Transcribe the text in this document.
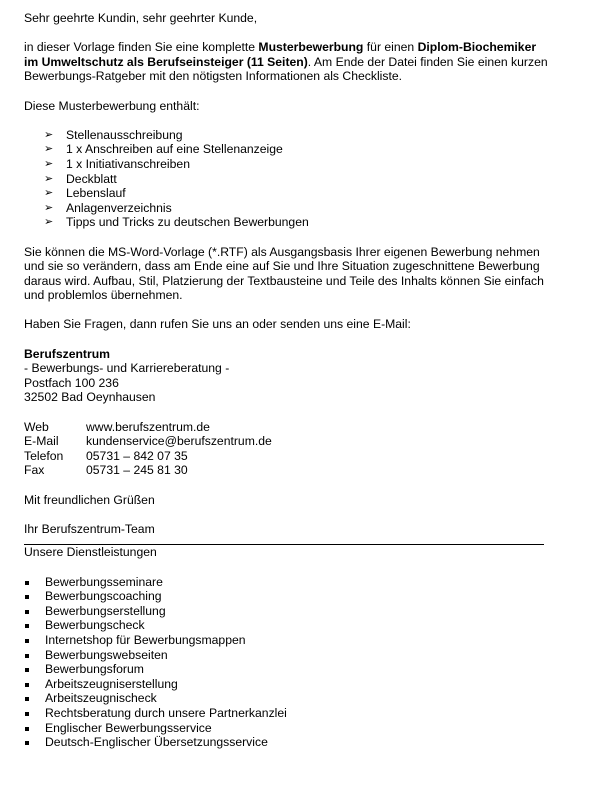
Sehr geehrte Kundin, sehr geehrter Kunde,

in dieser Vorlage finden Sie eine komplette Musterbewerbung für einen Diplom-Biochemiker im Umweltschutz als Berufseinsteiger (11 Seiten). Am Ende der Datei finden Sie einen kurzen Bewerbungs-Ratgeber mit den nötigsten Informationen als Checkliste.

Diese Musterbewerbung enthält:

➢ Stellenausschreibung
➢ 1 x Anschreiben auf eine Stellenanzeige
➢ 1 x Initiativanschreiben
➢ Deckblatt
➢ Lebenslauf
➢ Anlagenverzeichnis
➢ Tipps und Tricks zu deutschen Bewerbungen

Sie können die MS-Word-Vorlage (*.RTF) als Ausgangsbasis Ihrer eigenen Bewerbung nehmen und sie so verändern, dass am Ende eine auf Sie und Ihre Situation zugeschnittene Bewerbung daraus wird. Aufbau, Stil, Platzierung der Textbausteine und Teile des Inhalts können Sie einfach und problemlos übernehmen.

Haben Sie Fragen, dann rufen Sie uns an oder senden uns eine E-Mail:

Berufszentrum

- Bewerbungs- und Karriereberatung -

Postfach 100 236

32502 Bad Oeynhausen

Web	www.berufszentrum.de
E-Mail	kundenservice@berufszentrum.de
Telefon	05731 – 842 07 35
Fax	05731 – 245 81 30

Mit freundlichen Grüßen

Ihr Berufszentrum-Team

Unsere Dienstleistungen

Bewerbungsseminare
Bewerbungscoaching
Bewerbungserstellung
Bewerbungscheck
Internetshop für Bewerbungsmappen
Bewerbungswebseiten
Bewerbungsforum
Arbeitszeugniserstellung
Arbeitszeugnischeck
Rechtsberatung durch unsere Partnerkanzlei
Englischer Bewerbungsservice
Deutsch-Englischer Übersetzungsservice
